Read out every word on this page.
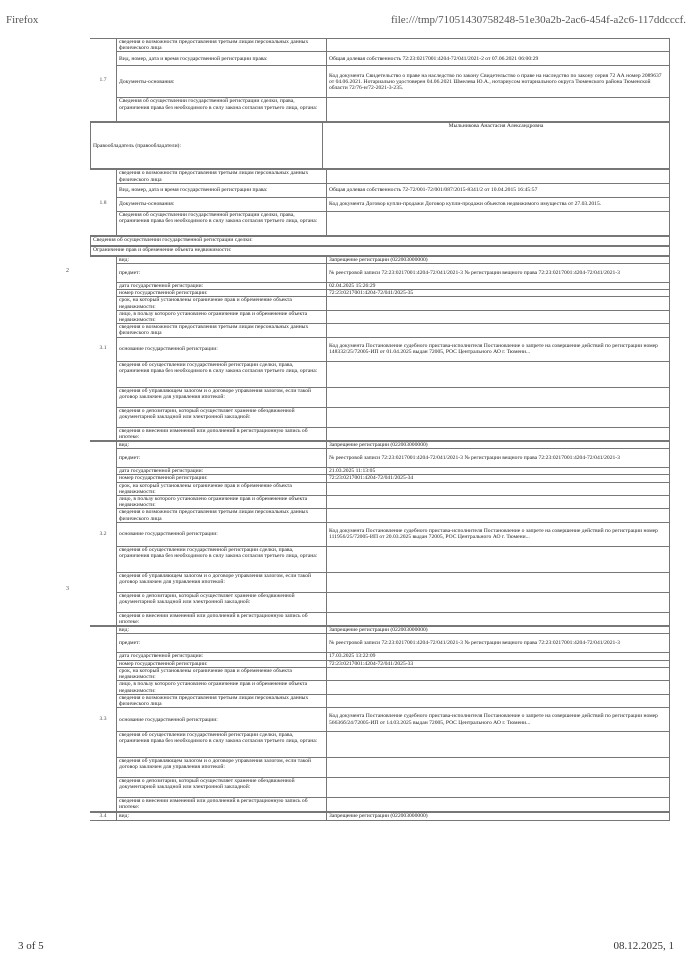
Firefox	file:///tmp/71051430758248-51e30a2b-2ac6-454f-a2c6-117ddcccf.
1.7	сведения о возможности предоставления третьим лицам персональных данных физического лица	
	Вид, номер, дата и время государственной регистрации права:	Общая долевая собственность 72:23:0217001:4204-72/041/2021-2 от 07.06.2021 06:00:29
	Документы-основания:	Код документа Свидетельство о праве на наследство по закону Свидетельство о праве на наследство по закону серия 72 АА номер 2089637 от 04.06.2021. Нотариально удостоверен 04.06.2021 Шмелева Ю.А., нотариусом нотариального округа Тюменского района Тюменской области 72/76-н/72-2021-3-235.
	Сведения об осуществлении государственной регистрации сделки, права, ограничения права без необходимого в силу закона согласия третьего лица, органа:	
Правообладатель (правообладатели):	Мыльникова Анастасия Александровна
1.8	сведения о возможности предоставления третьим лицам персональных данных физического лица	
	Вид, номер, дата и время государственной регистрации права:	Общая долевая собственность 72-72/001-72/001/087/2015-8341/2 от 10.04.2015 16:45:57
	Документы-основания:	Код документа Договор купли-продажи Договор купли-продажи объектов недвижимого имущества от 27.03.2015.
	Сведения об осуществлении государственной регистрации сделки, права, ограничения права без необходимого в силу закона согласия третьего лица, органа:	
Сведения об осуществлении государственной регистрации сделки:
Ограничение прав и обременение объекта недвижимости:
3.1	вид:	Запрещение регистрации (022003000000)
	предмет:	№ реестровой записи 72:23:0217001:4204-72/041/2021-3 № регистрации вещного права 72:23:0217001:4204-72/041/2021-3
	дата государственной регистрации:	02.04.2025 15:26:29
	номер государственной регистрации:	72:23:0217001:4204-72/041/2025-35
	срок, на который установлены ограничение прав и обременение объекта недвижимости:	
	лицо, в пользу которого установлено ограничение прав и обременение объекта недвижимости:	
	сведения о возможности предоставления третьим лицам персональных данных физического лица	
	основание государственной регистрации:	Код документа Постановление судебного пристава-исполнителя Постановление о запрете на совершение действий по регистрации номер 148332/25/72005-ИП от 01.04.2025 выдан 72005, РОС Центрального АО г. Тюмени...
	сведения об осуществлении государственной регистрации сделки, права, ограничения права без необходимого в силу закона согласия третьего лица, органа:	
	сведения об управляющем залогом и о договоре управления залогом, если такой договор заключен для управления ипотекой:	
	сведения о депозитарии, который осуществляет хранение обездвиженной документарной закладной или электронной закладной:	
	сведения о внесении изменений или дополнений в регистрационную запись об ипотеке:	
3.2	вид:	Запрещение регистрации (022003000000)
	предмет:	№ реестровой записи 72:23:0217001:4204-72/041/2021-3 № регистрации вещного права 72:23:0217001:4204-72/041/2021-3
	дата государственной регистрации:	21.03.2025 11:13:05
	номер государственной регистрации:	72:23:0217001:4204-72/041/2025-34
	срок, на который установлены ограничение прав и обременение объекта недвижимости:	
	лицо, в пользу которого установлено ограничение прав и обременение объекта недвижимости:	
	сведения о возможности предоставления третьим лицам персональных данных физического лица	
	основание государственной регистрации:	Код документа Постановление судебного пристава-исполнителя Постановление о запрете на совершение действий по регистрации номер 111956/25/72005-ИП от 20.03.2025 выдан 72005, РОС Центрального АО г. Тюмени...
	сведения об осуществлении государственной регистрации сделки, права, ограничения права без необходимого в силу закона согласия третьего лица, органа:	
	сведения об управляющем залогом и о договоре управления залогом, если такой договор заключен для управления ипотекой:	
	сведения о депозитарии, который осуществляет хранение обездвиженной документарной закладной или электронной закладной:	
	сведения о внесении изменений или дополнений в регистрационную запись об ипотеке:	
3.3	вид:	Запрещение регистрации (022003000000)
	предмет:	№ реестровой записи 72:23:0217001:4204-72/041/2021-3 № регистрации вещного права 72:23:0217001:4204-72/041/2021-3
	дата государственной регистрации:	17.03.2025 13:22:09
	номер государственной регистрации:	72:23:0217001:4204-72/041/2025-33
	срок, на который установлены ограничение прав и обременение объекта недвижимости:	
	лицо, в пользу которого установлено ограничение прав и обременение объекта недвижимости:	
	сведения о возможности предоставления третьим лицам персональных данных физического лица	
	основание государственной регистрации:	Код документа Постановление судебного пристава-исполнителя Постановление о запрете на совершение действий по регистрации номер 56636б/24/72005-ИП от 14.03.2025 выдан 72005, РОС Центрального АО г. Тюмени...
	сведения об осуществлении государственной регистрации сделки, права, ограничения права без необходимого в силу закона согласия третьего лица, органа:	
	сведения об управляющем залогом и о договоре управления залогом, если такой договор заключен для управления ипотекой:	
	сведения о депозитарии, который осуществляет хранение обездвиженной документарной закладной или электронной закладной:	
	сведения о внесении изменений или дополнений в регистрационную запись об ипотеке:	
3.4	вид:	Запрещение регистрации (022003000000)
2
3
3 of 5	08.12.2025, 1
